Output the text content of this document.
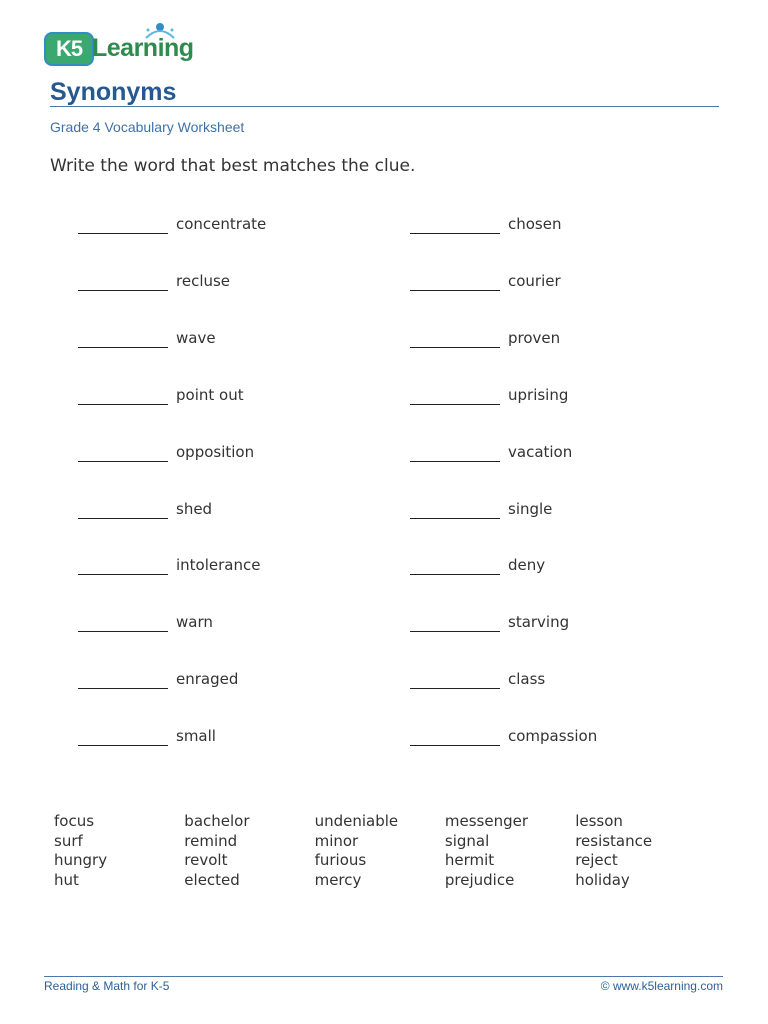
K5 Learning
Synonyms
Grade 4 Vocabulary Worksheet
Write the word that best matches the clue.
concentrate
recluse
wave
point out
opposition
shed
intolerance
warn
enraged
small
chosen
courier
proven
uprising
vacation
single
deny
starving
class
compassion
focus
surf
hungry
hut
bachelor
remind
revolt
elected
undeniable
minor
furious
mercy
messenger
signal
hermit
prejudice
lesson
resistance
reject
holiday
Reading & Math for K-5	© www.k5learning.com
